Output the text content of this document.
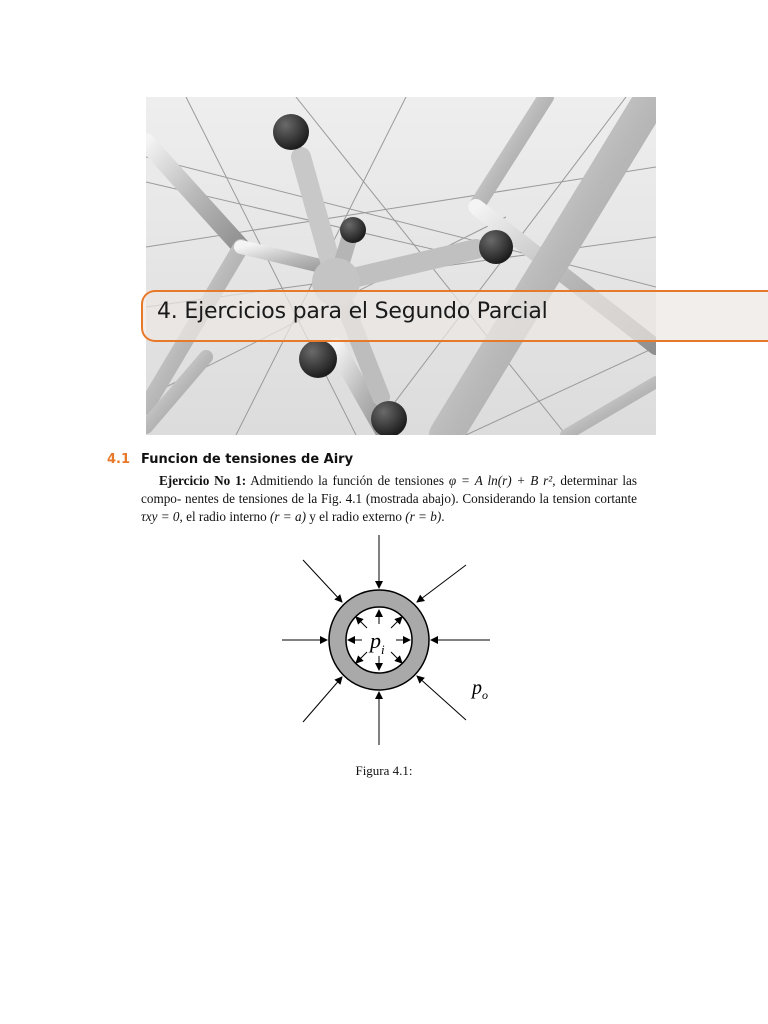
4. Ejercicios para el Segundo Parcial
4.1 Funcion de tensiones de Airy

Ejercicio No 1: Admitiendo la función de tensiones φ = A ln(r) + B r², determinar las compo- nentes de tensiones de la Fig. 4.1 (mostrada abajo). Considerando la tension cortante τxy = 0, el radio interno (r = a) y el radio externo (r = b).

$p_i$
$p_o$
Figura 4.1:
